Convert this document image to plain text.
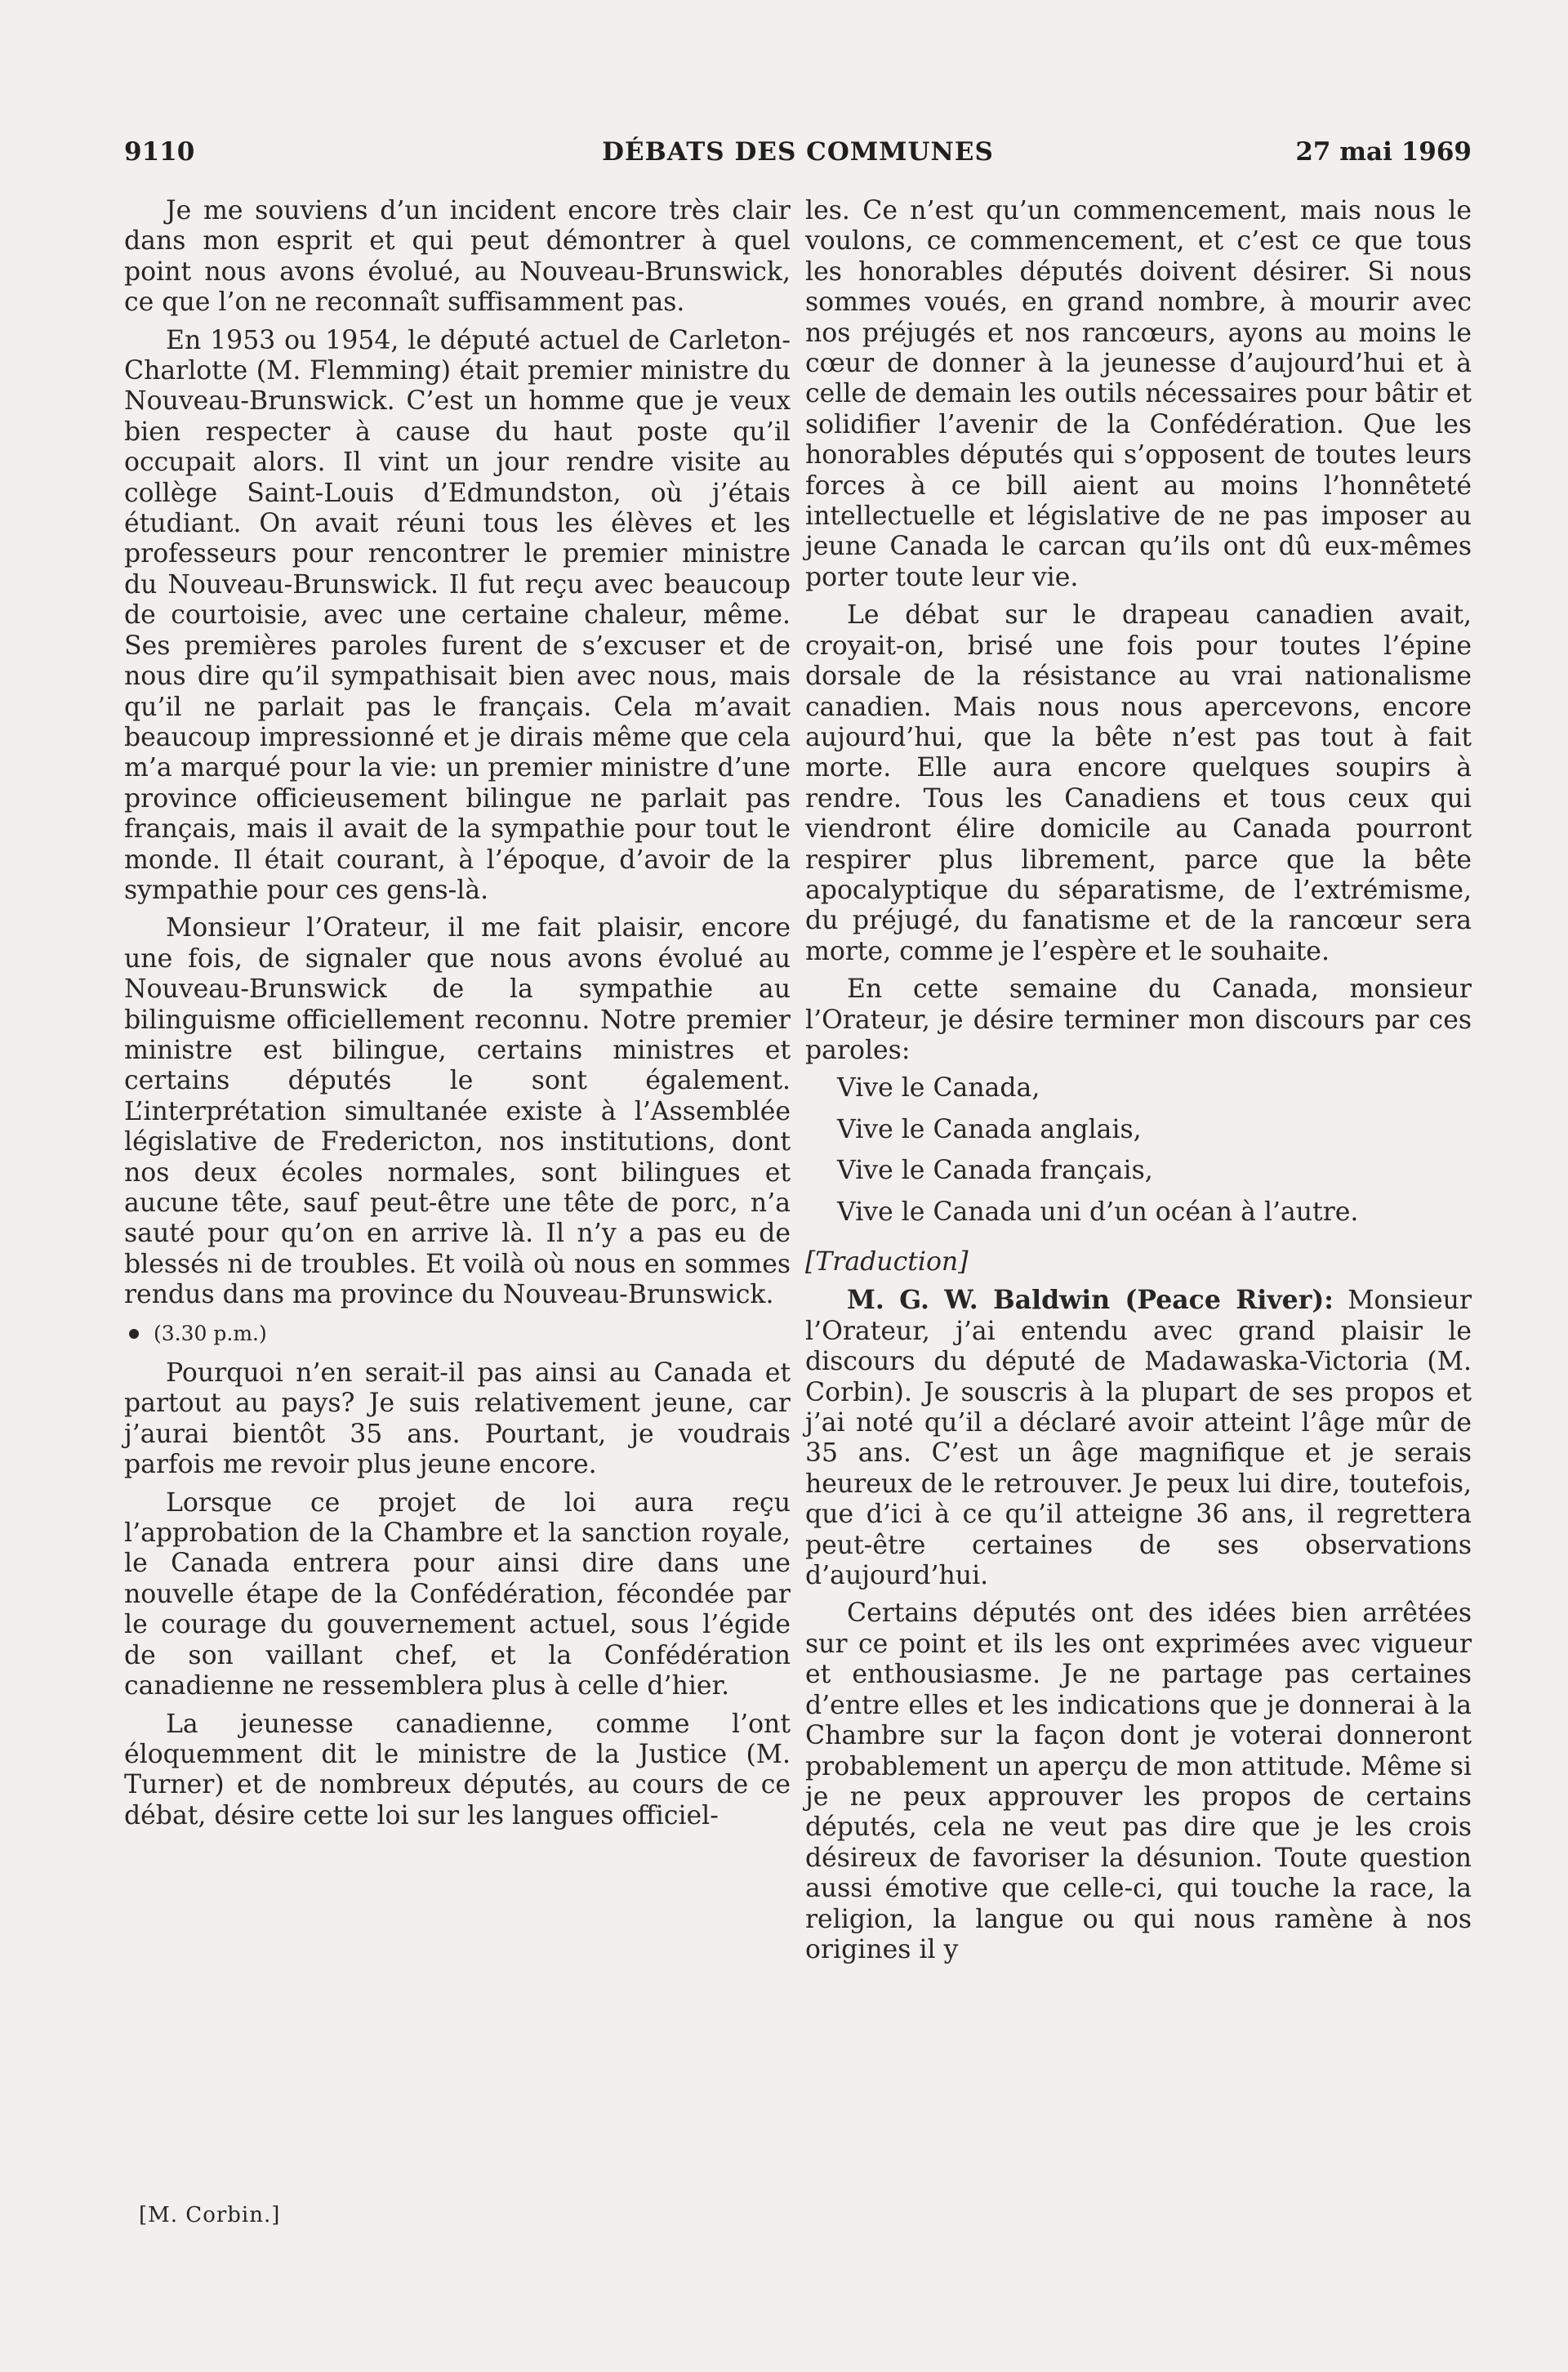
9110	DÉBATS DES COMMUNES	27 mai 1969

Je me souviens d’un incident encore très clair dans mon esprit et qui peut démontrer à quel point nous avons évolué, au Nouveau-Brunswick, ce que l’on ne reconnaît suffisamment pas.

En 1953 ou 1954, le député actuel de Carleton-Charlotte (M. Flemming) était premier ministre du Nouveau-Brunswick. C’est un homme que je veux bien respecter à cause du haut poste qu’il occupait alors. Il vint un jour rendre visite au collège Saint-Louis d’Edmundston, où j’étais étudiant. On avait réuni tous les élèves et les professeurs pour rencontrer le premier ministre du Nouveau-Brunswick. Il fut reçu avec beaucoup de courtoisie, avec une certaine chaleur, même. Ses premières paroles furent de s’excuser et de nous dire qu’il sympathisait bien avec nous, mais qu’il ne parlait pas le français. Cela m’avait beaucoup impressionné et je dirais même que cela m’a marqué pour la vie: un premier ministre d’une province officieusement bilingue ne parlait pas français, mais il avait de la sympathie pour tout le monde. Il était courant, à l’époque, d’avoir de la sympathie pour ces gens-là.

Monsieur l’Orateur, il me fait plaisir, encore une fois, de signaler que nous avons évolué au Nouveau-Brunswick de la sympathie au bilinguisme officiellement reconnu. Notre premier ministre est bilingue, certains ministres et certains députés le sont également. L’interprétation simultanée existe à l’Assemblée législative de Fredericton, nos institutions, dont nos deux écoles normales, sont bilingues et aucune tête, sauf peut-être une tête de porc, n’a sauté pour qu’on en arrive là. Il n’y a pas eu de blessés ni de troubles. Et voilà où nous en sommes rendus dans ma province du Nouveau-Brunswick.

(3.30 p.m.)

Pourquoi n’en serait-il pas ainsi au Canada et partout au pays? Je suis relativement jeune, car j’aurai bientôt 35 ans. Pourtant, je voudrais parfois me revoir plus jeune encore.

Lorsque ce projet de loi aura reçu l’approbation de la Chambre et la sanction royale, le Canada entrera pour ainsi dire dans une nouvelle étape de la Confédération, fécondée par le courage du gouvernement actuel, sous l’égide de son vaillant chef, et la Confédération canadienne ne ressemblera plus à celle d’hier.

La jeunesse canadienne, comme l’ont éloquemment dit le ministre de la Justice (M. Turner) et de nombreux députés, au cours de ce débat, désire cette loi sur les langues officiel-

[M. Corbin.]

les. Ce n’est qu’un commencement, mais nous le voulons, ce commencement, et c’est ce que tous les honorables députés doivent désirer. Si nous sommes voués, en grand nombre, à mourir avec nos préjugés et nos rancœurs, ayons au moins le cœur de donner à la jeunesse d’aujourd’hui et à celle de demain les outils nécessaires pour bâtir et solidifier l’avenir de la Confédération. Que les honorables députés qui s’opposent de toutes leurs forces à ce bill aient au moins l’honnêteté intellectuelle et législative de ne pas imposer au jeune Canada le carcan qu’ils ont dû eux-mêmes porter toute leur vie.

Le débat sur le drapeau canadien avait, croyait-on, brisé une fois pour toutes l’épine dorsale de la résistance au vrai nationalisme canadien. Mais nous nous apercevons, encore aujourd’hui, que la bête n’est pas tout à fait morte. Elle aura encore quelques soupirs à rendre. Tous les Canadiens et tous ceux qui viendront élire domicile au Canada pourront respirer plus librement, parce que la bête apocalyptique du séparatisme, de l’extrémisme, du préjugé, du fanatisme et de la rancœur sera morte, comme je l’espère et le souhaite.

En cette semaine du Canada, monsieur l’Orateur, je désire terminer mon discours par ces paroles:

Vive le Canada,

Vive le Canada anglais,

Vive le Canada français,

Vive le Canada uni d’un océan à l’autre.

[Traduction]

M. G. W. Baldwin (Peace River): Monsieur l’Orateur, j’ai entendu avec grand plaisir le discours du député de Madawaska-Victoria (M. Corbin). Je souscris à la plupart de ses propos et j’ai noté qu’il a déclaré avoir atteint l’âge mûr de 35 ans. C’est un âge magnifique et je serais heureux de le retrouver. Je peux lui dire, toutefois, que d’ici à ce qu’il atteigne 36 ans, il regrettera peut-être certaines de ses observations d’aujourd’hui.

Certains députés ont des idées bien arrêtées sur ce point et ils les ont exprimées avec vigueur et enthousiasme. Je ne partage pas certaines d’entre elles et les indications que je donnerai à la Chambre sur la façon dont je voterai donneront probablement un aperçu de mon attitude. Même si je ne peux approuver les propos de certains députés, cela ne veut pas dire que je les crois désireux de favoriser la désunion. Toute question aussi émotive que celle-ci, qui touche la race, la religion, la langue ou qui nous ramène à nos origines il y
